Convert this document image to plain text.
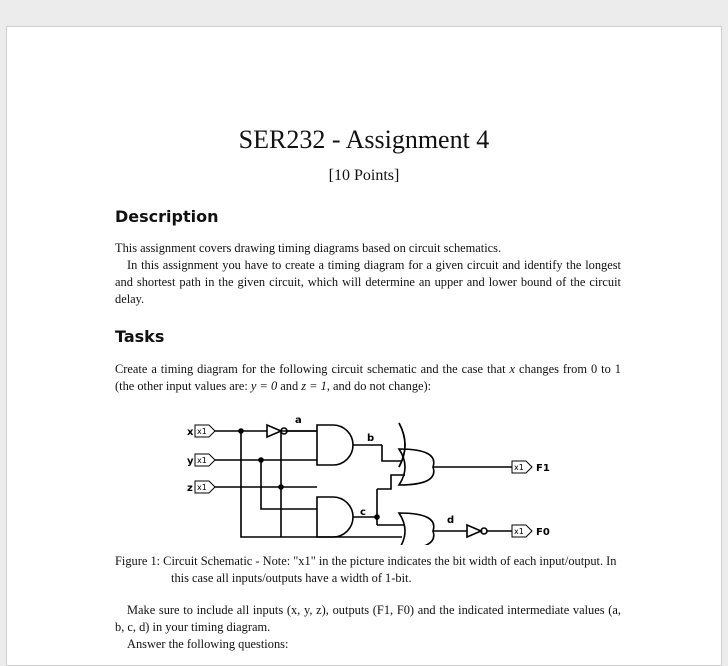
SER232 - Assignment 4
[10 Points]
Description

This assignment covers drawing timing diagrams based on circuit schematics.

In this assignment you have to create a timing diagram for a given circuit and identify the longest and shortest path in the given circuit, which will determine an upper and lower bound of the circuit delay.

Tasks

Create a timing diagram for the following circuit schematic and the case that x changes from 0 to 1 (the other input values are: y = 0 and z = 1, and do not change):

x1
x1
x1
x1
x1
x
y
z
F1
F0
a
b
c
d
Figure 1: Circuit Schematic - Note: "x1" in the picture indicates the bit width of each input/output. In this case all inputs/outputs have a width of 1-bit.

Make sure to include all inputs (x, y, z), outputs (F1, F0) and the indicated intermediate values (a, b, c, d) in your timing diagram.

Answer the following questions:
